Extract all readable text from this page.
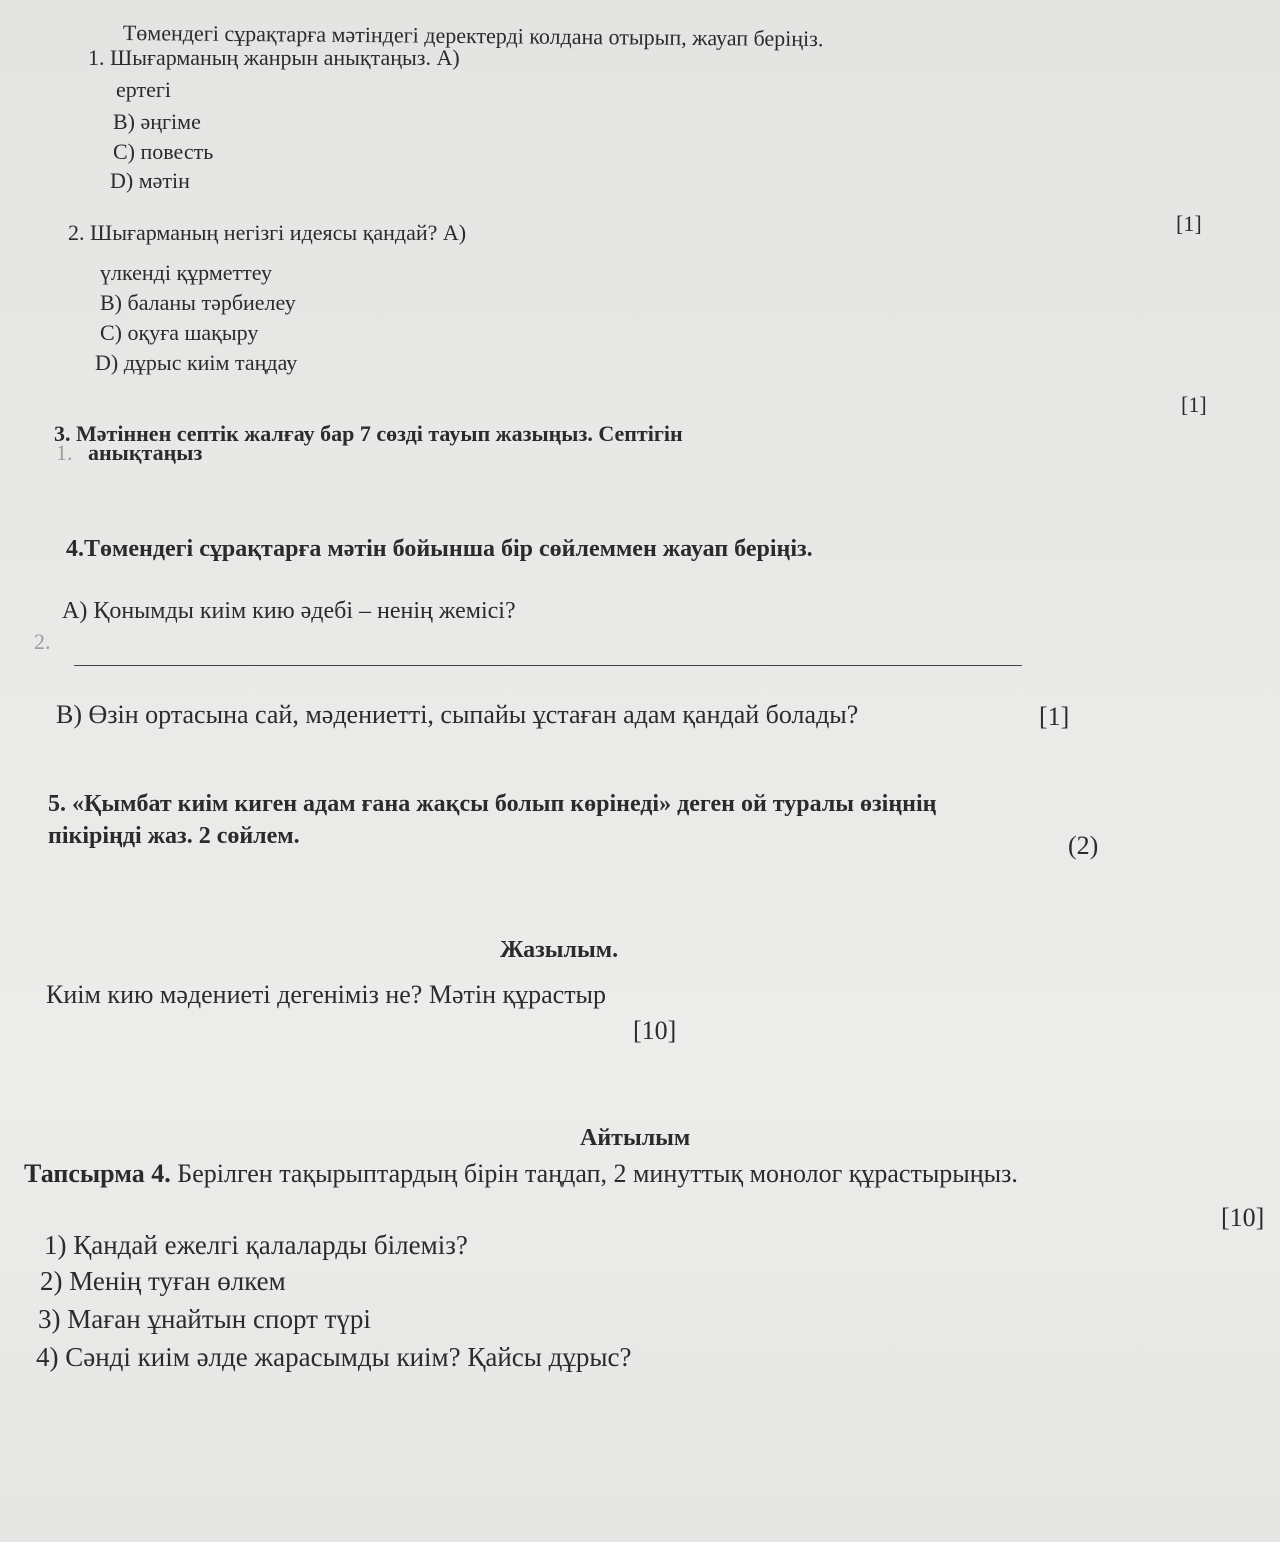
Төмендегі сұрақтарға мәтіндегі деректерді колдана отырып, жауап беріңіз.
1. Шығарманың жанрын анықтаңыз. А)
ертегі
B) әңгіме
C) повесть
D) мәтін
[1]
2. Шығарманың негізгі идеясы қандай? А)
үлкенді құрметтеу
B) баланы тәрбиелеу
C) оқуға шақыру
D) дұрыс киім таңдау
[1]
3. Мәтіннен септік жалғау бар 7 сөзді тауып жазыңыз. Септігін
1. анықтаңыз
4.Төмендегі сұрақтарға мәтін бойынша бір сөйлеммен жауап беріңіз.
А) Қонымды киім кию әдебі – ненің жемісі?
2.
В) Өзін ортасына сай, мәдениетті, сыпайы ұстаған адам қандай болады?	[1]
5. «Қымбат киім киген адам ғана жақсы болып көрінеді» деген ой туралы өзіңнің
пікіріңді жаз. 2 сөйлем.	(2)
Жазылым.
Киім кию мәдениеті дегеніміз не? Мәтін құрастыр
[10]
Айтылым
Тапсырма 4. Берілген тақырыптардың бірін таңдап, 2 минуттық монолог құрастырыңыз.
[10]
1) Қандай ежелгі қалаларды білеміз?
2) Менің туған өлкем
3) Маған ұнайтын спорт түрі
4) Сәнді киім әлде жарасымды киім? Қайсы дұрыс?
